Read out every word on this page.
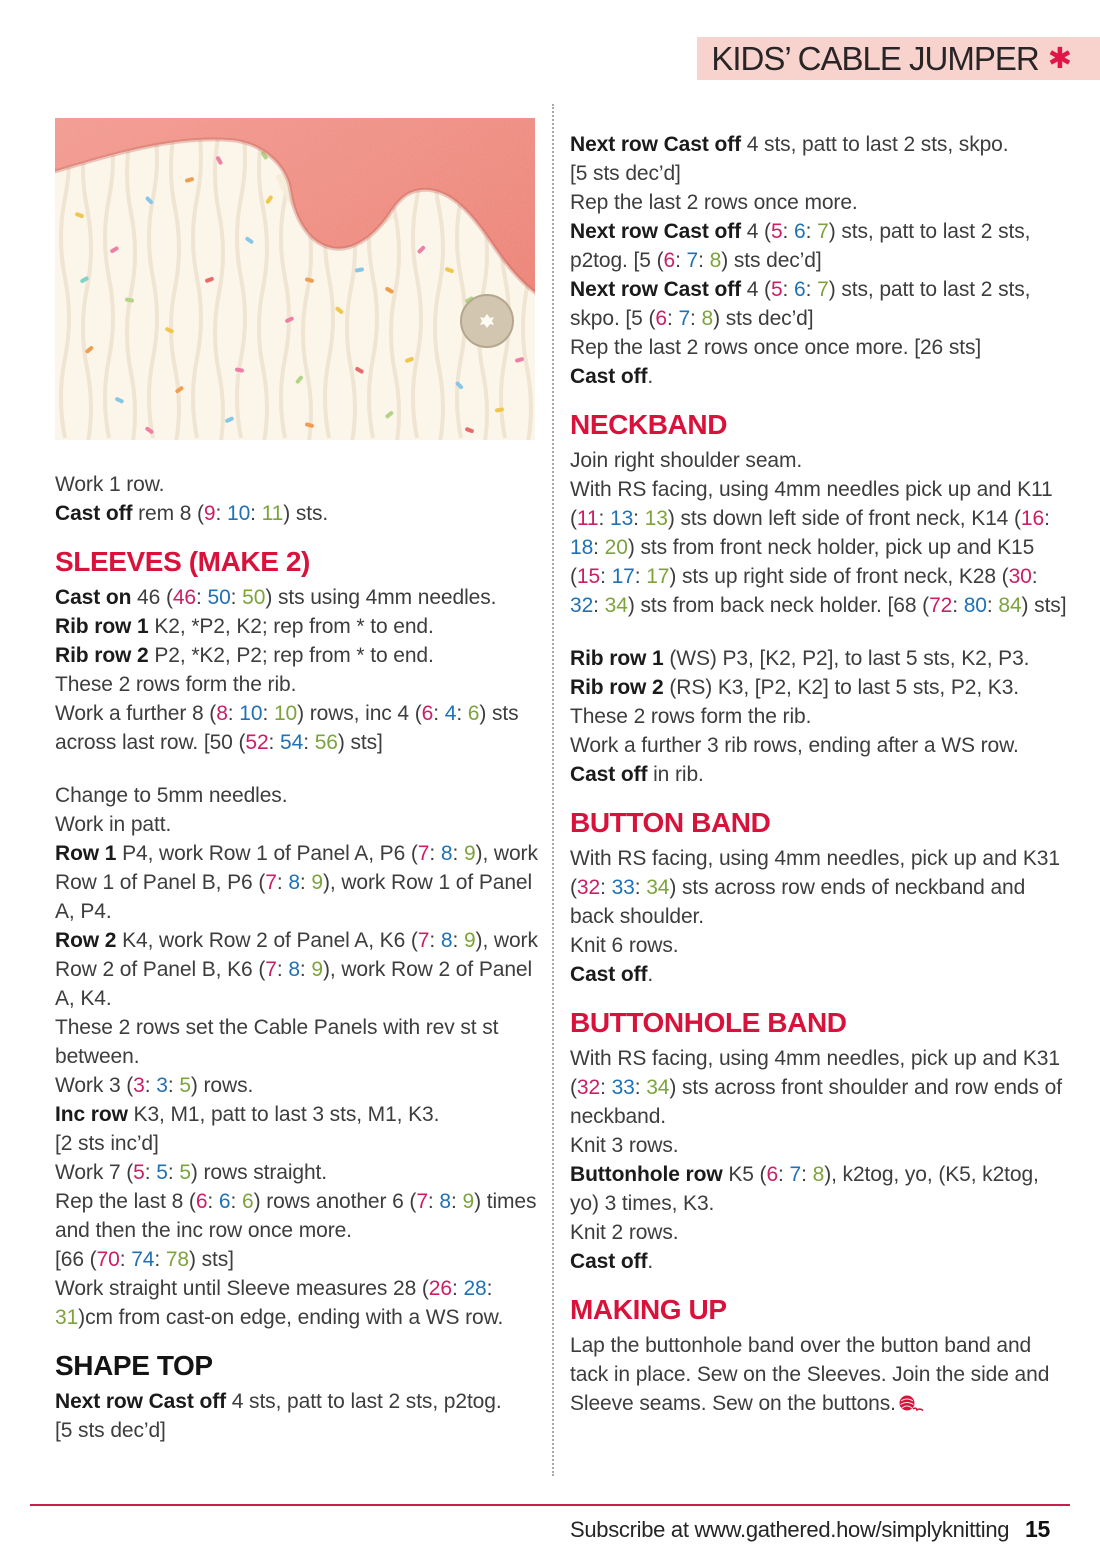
KIDS’ CABLE JUMPER ✱

Work 1 row.

Cast off rem 8 (9: 10: 11) sts.

SLEEVES (MAKE 2)

Cast on 46 (46: 50: 50) sts using 4mm needles.

Rib row 1 K2, *P2, K2; rep from * to end.

Rib row 2 P2, *K2, P2; rep from * to end.

These 2 rows form the rib.

Work a further 8 (8: 10: 10) rows, inc 4 (6: 4: 6) sts across last row. [50 (52: 54: 56) sts]

Change to 5mm needles.

Work in patt.

Row 1 P4, work Row 1 of Panel A, P6 (7: 8: 9), work Row 1 of Panel B, P6 (7: 8: 9), work Row 1 of Panel A, P4.

Row 2 K4, work Row 2 of Panel A, K6 (7: 8: 9), work Row 2 of Panel B, K6 (7: 8: 9), work Row 2 of Panel A, K4.

These 2 rows set the Cable Panels with rev st st between.

Work 3 (3: 3: 5) rows.

Inc row K3, M1, patt to last 3 sts, M1, K3.

[2 sts inc’d]

Work 7 (5: 5: 5) rows straight.

Rep the last 8 (6: 6: 6) rows another 6 (7: 8: 9) times and then the inc row once more.

[66 (70: 74: 78) sts]

Work straight until Sleeve measures 28 (26: 28: 31)cm from cast-on edge, ending with a WS row.

SHAPE TOP

Next row Cast off 4 sts, patt to last 2 sts, p2tog.

[5 sts dec’d]

Next row Cast off 4 sts, patt to last 2 sts, skpo.

[5 sts dec’d]

Rep the last 2 rows once more.

Next row Cast off 4 (5: 6: 7) sts, patt to last 2 sts, p2tog. [5 (6: 7: 8) sts dec’d]

Next row Cast off 4 (5: 6: 7) sts, patt to last 2 sts, skpo. [5 (6: 7: 8) sts dec’d]

Rep the last 2 rows once once more. [26 sts]

Cast off.

NECKBAND

Join right shoulder seam.

With RS facing, using 4mm needles pick up and K11 (11: 13: 13) sts down left side of front neck, K14 (16: 18: 20) sts from front neck holder, pick up and K15 (15: 17: 17) sts up right side of front neck, K28 (30: 32: 34) sts from back neck holder. [68 (72: 80: 84) sts]

Rib row 1 (WS) P3, [K2, P2], to last 5 sts, K2, P3.

Rib row 2 (RS) K3, [P2, K2] to last 5 sts, P2, K3.

These 2 rows form the rib.

Work a further 3 rib rows, ending after a WS row.

Cast off in rib.

BUTTON BAND

With RS facing, using 4mm needles, pick up and K31 (32: 33: 34) sts across row ends of neckband and back shoulder.

Knit 6 rows.

Cast off.

BUTTONHOLE BAND

With RS facing, using 4mm needles, pick up and K31 (32: 33: 34) sts across front shoulder and row ends of neckband.

Knit 3 rows.

Buttonhole row K5 (6: 7: 8), k2tog, yo, (K5, k2tog, yo) 3 times, K3.

Knit 2 rows.

Cast off.

MAKING UP

Lap the buttonhole band over the button band and tack in place. Sew on the Sleeves. Join the side and Sleeve seams. Sew on the buttons.

Subscribe at www.gathered.how/simplyknitting 15
